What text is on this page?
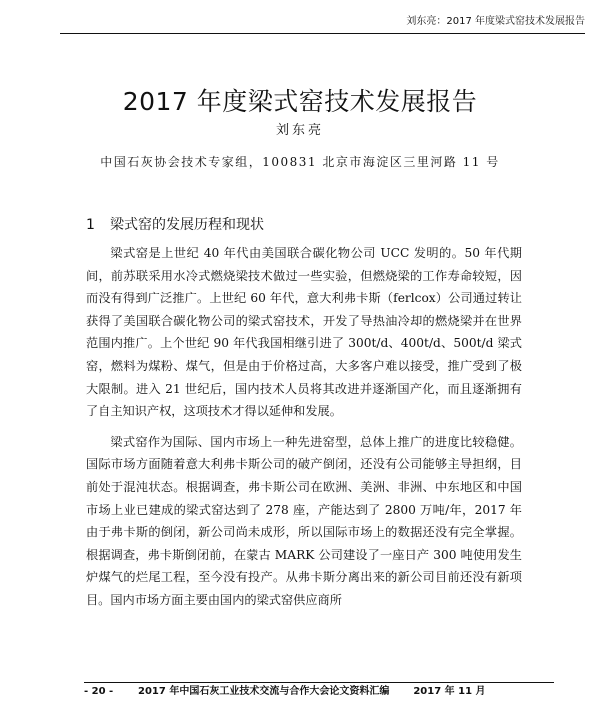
刘东亮：2017 年度梁式窑技术发展报告
2017 年度梁式窑技术发展报告
刘东亮
中国石灰协会技术专家组，100831 北京市海淀区三里河路 11 号
1 梁式窑的发展历程和现状

梁式窑是上世纪 40 年代由美国联合碳化物公司 UCC 发明的。50 年代期间，前苏联采用水冷式燃烧梁技术做过一些实验，但燃烧梁的工作寿命较短，因而没有得到广泛推广。上世纪 60 年代，意大利弗卡斯（ferlcox）公司通过转让获得了美国联合碳化物公司的梁式窑技术，开发了导热油冷却的燃烧梁并在世界范围内推广。上个世纪 90 年代我国相继引进了 300t/d、400t/d、500t/d 梁式窑，燃料为煤粉、煤气，但是由于价格过高，大多客户难以接受，推广受到了极大限制。进入 21 世纪后，国内技术人员将其改进并逐渐国产化，而且逐渐拥有了自主知识产权，这项技术才得以延伸和发展。

梁式窑作为国际、国内市场上一种先进窑型，总体上推广的进度比较稳健。国际市场方面随着意大利弗卡斯公司的破产倒闭，还没有公司能够主导担纲，目前处于混沌状态。根据调查，弗卡斯公司在欧洲、美洲、非洲、中东地区和中国市场上业已建成的梁式窑达到了 278 座，产能达到了 2800 万吨/年，2017 年由于弗卡斯的倒闭，新公司尚未成形，所以国际市场上的数据还没有完全掌握。根据调查，弗卡斯倒闭前，在蒙古 MARK 公司建设了一座日产 300 吨使用发生炉煤气的烂尾工程，至今没有投产。从弗卡斯分离出来的新公司目前还没有新项目。国内市场方面主要由国内的梁式窑供应商所

- 20 - 2017 年中国石灰工业技术交流与合作大会论文资料汇编 2017 年 11 月
